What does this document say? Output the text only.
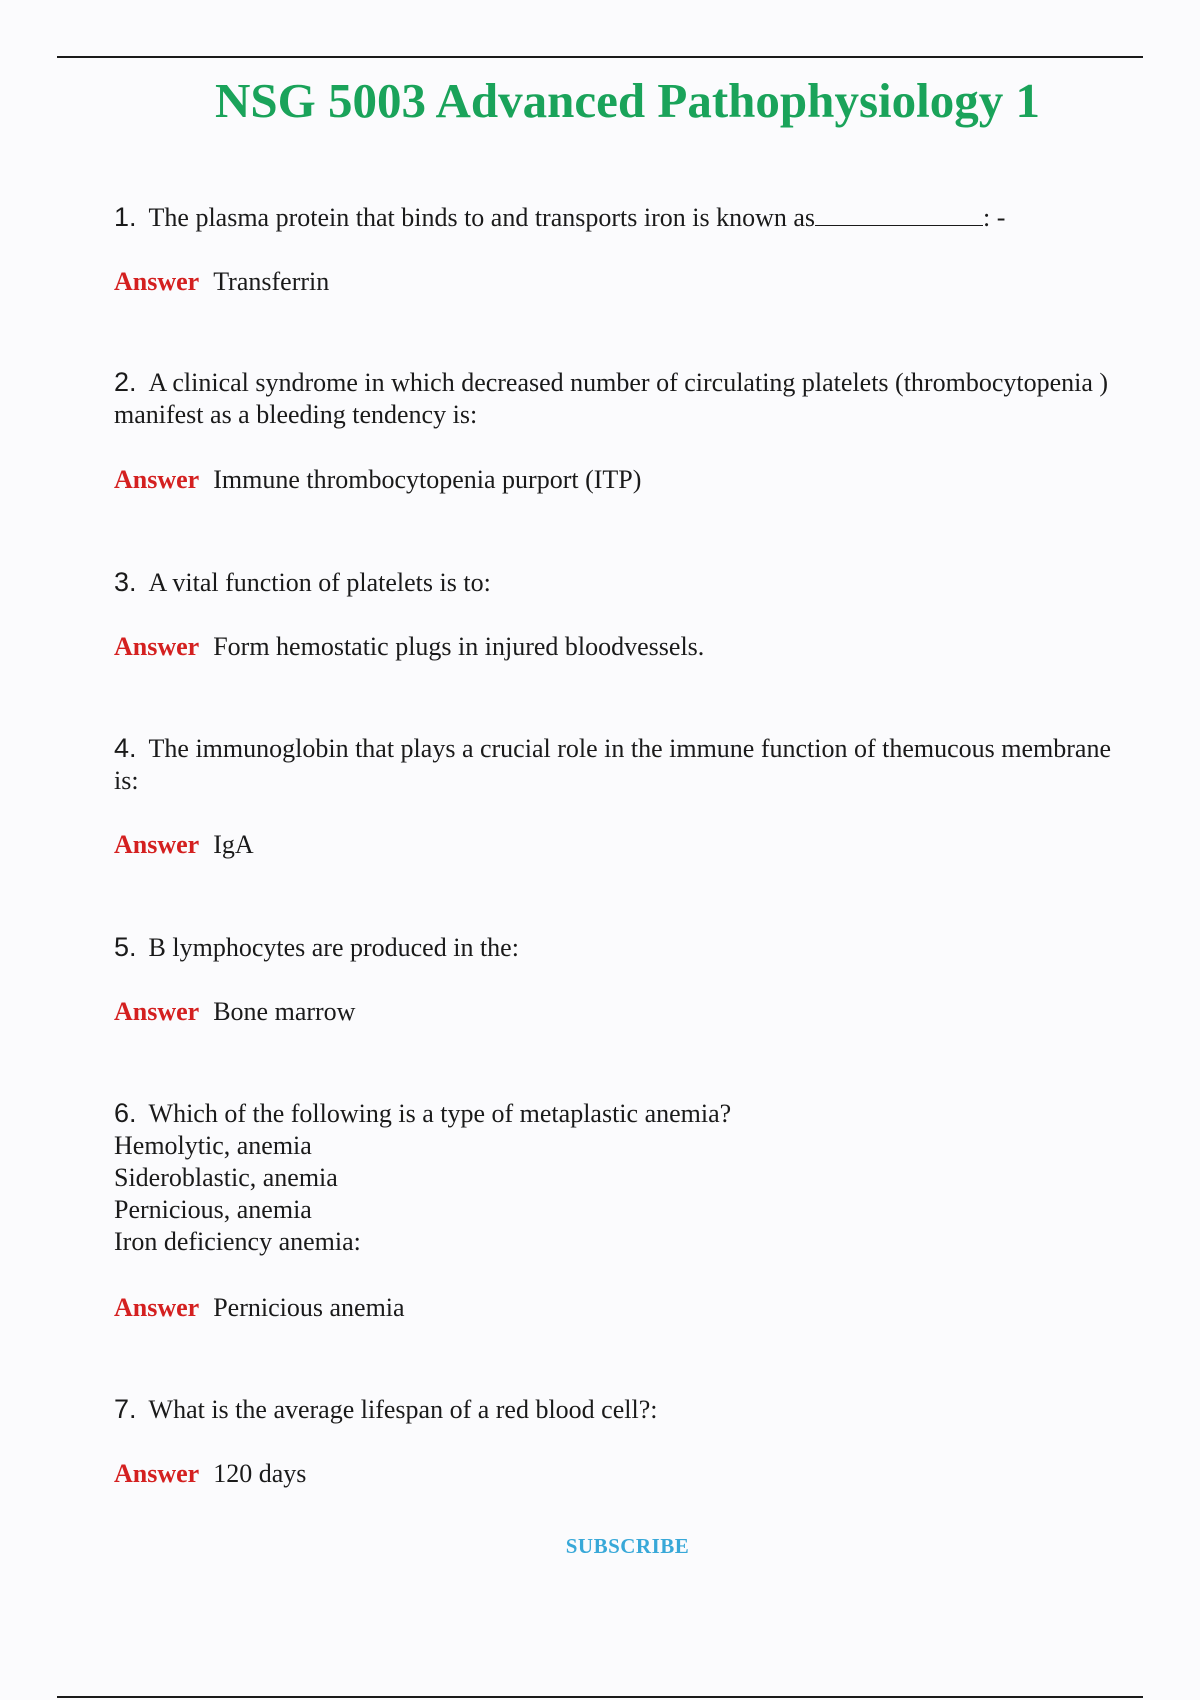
NSG 5003 Advanced Pathophysiology 1
1. The plasma protein that binds to and transports iron is known as	: -
Answer Transferrin
2. A clinical syndrome in which decreased number of circulating platelets (thrombocytopenia ) manifest as a bleeding tendency is:
Answer Immune thrombocytopenia purport (ITP)
3. A vital function of platelets is to:
Answer Form hemostatic plugs in injured bloodvessels.
4. The immunoglobin that plays a crucial role in the immune function of themucous membrane is:
Answer IgA
5. B lymphocytes are produced in the:
Answer Bone marrow
6. Which of the following is a type of metaplastic anemia?
Hemolytic, anemia
Sideroblastic, anemia
Pernicious, anemia
Iron deficiency anemia:
Answer Pernicious anemia
7. What is the average lifespan of a red blood cell?:
Answer 120 days
SUBSCRIBE
